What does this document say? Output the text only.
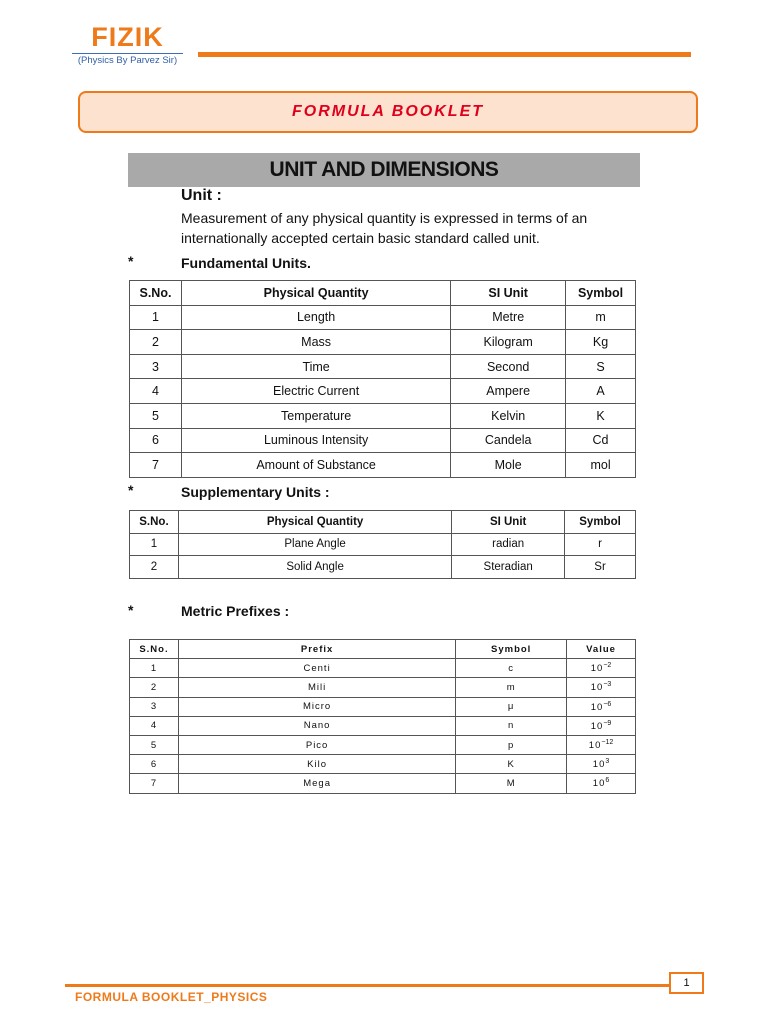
FIZIK
(Physics By Parvez Sir)
FORMULA BOOKLET
UNIT AND DIMENSIONS
Unit :
Measurement of any physical quantity is expressed in terms of an internationally accepted certain basic standard called unit.
*	Fundamental Units.
S.No.	Physical Quantity	SI Unit	Symbol
1	Length	Metre	m
2	Mass	Kilogram	Kg
3	Time	Second	S
4	Electric Current	Ampere	A
5	Temperature	Kelvin	K
6	Luminous Intensity	Candela	Cd
7	Amount of Substance	Mole	mol
*	Supplementary Units :
S.No.	Physical Quantity	SI Unit	Symbol
1	Plane Angle	radian	r
2	Solid Angle	Steradian	Sr
*	Metric Prefixes :
S.No.	Prefix	Symbol	Value
1	Centi	c	$10^{-2}$
2	Mili	m	$10^{-3}$
3	Micro	μ	$10^{-6}$
4	Nano	n	$10^{-9}$
5	Pico	p	$10^{-12}$
6	Kilo	K	$10^3$
7	Mega	M	$10^6$
1
FORMULA BOOKLET_PHYSICS
